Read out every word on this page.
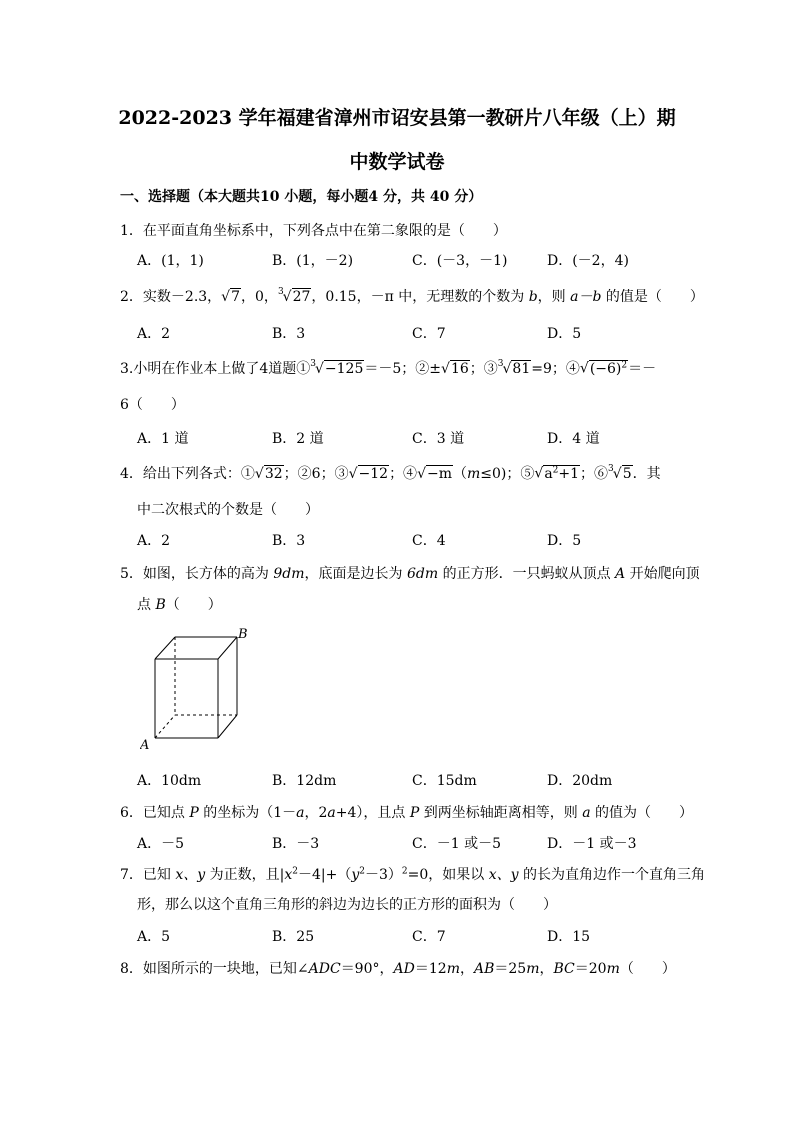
2022-2023 学年福建省漳州市诏安县第一教研片八年级（上）期
中数学试卷
一、选择题（本大题共10 小题，每小题4 分，共 40 分）
1．在平面直角坐标系中，下列各点中在第二象限的是（　　）
A．(1，1)	B．(1，－2)	C．(－3，－1)	D．(－2，4)
2．实数－2.3，√7，0，$^3$√27，0.15，－π 中，无理数的个数为 b，则 a－b 的值是（　　）
A．2	B．3	C．7	D．5
3.小明在作业本上做了4道题①$^3$√−125＝－5；②±√16；③$^3$√81=9；$④√(-6)^2=-$
6（　　）
A．1 道	B．2 道	C．3 道	D．4 道
4．给出下列各式：①√32；②6；③√−12；④√−m（m≤0)；$⑤√a^2+1$；⑥$^3$√5．其
中二次根式的个数是（　　）
A．2	B．3	C．4	D．5
5．如图，长方体的高为 9dm，底面是边长为 6dm 的正方形．一只蚂蚁从顶点 A 开始爬向顶
点 B（　　）
A
B
A．10dm	B．12dm	C．15dm	D．20dm
6．已知点 P 的坐标为（1－a，2a+4），且点 P 到两坐标轴距离相等，则 a 的值为（　　）
A．－5	B．－3	C．－1 或－5	D．－1 或－3
7．已知 x、y 为正数，且$|x^2-4|+(y^2-3)^2=0$，如果以 x、y 的长为直角边作一个直角三角
形，那么以这个直角三角形的斜边为边长的正方形的面积为（　　）
A．5	B．25	C．7	D．15
8．如图所示的一块地，已知∠ADC＝90°，AD＝12m，AB＝25m，BC＝20m（　　）
